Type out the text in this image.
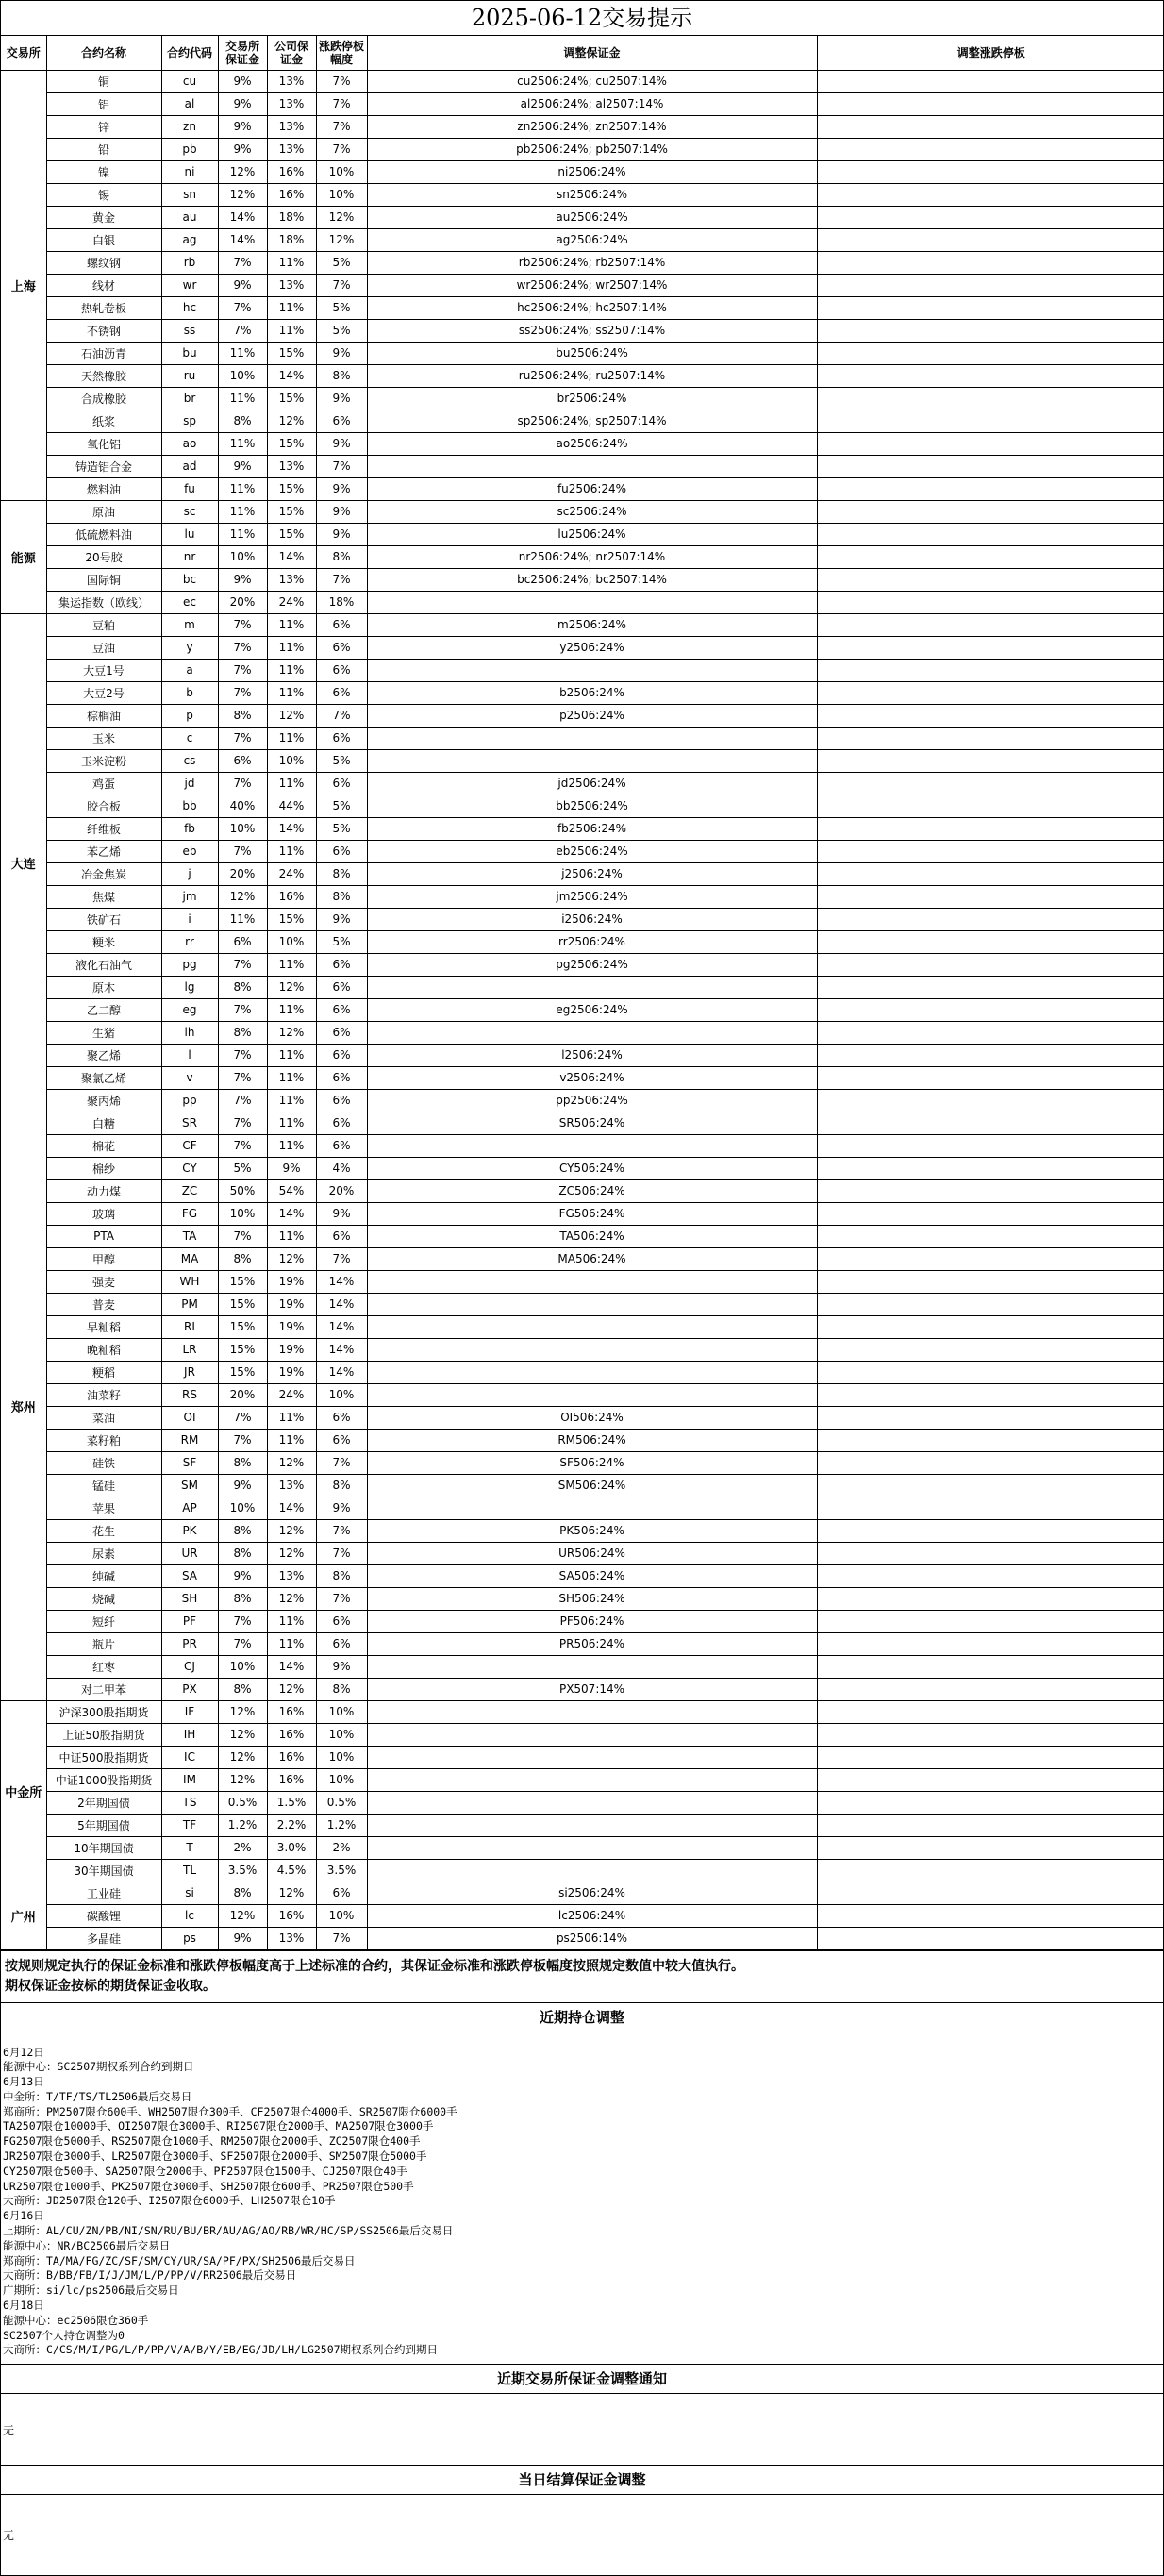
2025-06-12交易提示
交易所	合约名称	合约代码	交易所保证金	公司保证金	涨跌停板幅度	调整保证金	调整涨跌停板
上海	铜	cu	9%	13%	7%	cu2506:24%; cu2507:14%	
	铝	al	9%	13%	7%	al2506:24%; al2507:14%	
	锌	zn	9%	13%	7%	zn2506:24%; zn2507:14%	
	铅	pb	9%	13%	7%	pb2506:24%; pb2507:14%	
	镍	ni	12%	16%	10%	ni2506:24%	
	锡	sn	12%	16%	10%	sn2506:24%	
	黄金	au	14%	18%	12%	au2506:24%	
	白银	ag	14%	18%	12%	ag2506:24%	
	螺纹钢	rb	7%	11%	5%	rb2506:24%; rb2507:14%	
	线材	wr	9%	13%	7%	wr2506:24%; wr2507:14%	
	热轧卷板	hc	7%	11%	5%	hc2506:24%; hc2507:14%	
	不锈钢	ss	7%	11%	5%	ss2506:24%; ss2507:14%	
	石油沥青	bu	11%	15%	9%	bu2506:24%	
	天然橡胶	ru	10%	14%	8%	ru2506:24%; ru2507:14%	
	合成橡胶	br	11%	15%	9%	br2506:24%	
	纸浆	sp	8%	12%	6%	sp2506:24%; sp2507:14%	
	氧化铝	ao	11%	15%	9%	ao2506:24%	
	铸造铝合金	ad	9%	13%	7%		
	燃料油	fu	11%	15%	9%	fu2506:24%	
能源	原油	sc	11%	15%	9%	sc2506:24%	
	低硫燃料油	lu	11%	15%	9%	lu2506:24%	
	20号胶	nr	10%	14%	8%	nr2506:24%; nr2507:14%	
	国际铜	bc	9%	13%	7%	bc2506:24%; bc2507:14%	
	集运指数（欧线）	ec	20%	24%	18%		
大连	豆粕	m	7%	11%	6%	m2506:24%	
	豆油	y	7%	11%	6%	y2506:24%	
	大豆1号	a	7%	11%	6%		
	大豆2号	b	7%	11%	6%	b2506:24%	
	棕榈油	p	8%	12%	7%	p2506:24%	
	玉米	c	7%	11%	6%		
	玉米淀粉	cs	6%	10%	5%		
	鸡蛋	jd	7%	11%	6%	jd2506:24%	
	胶合板	bb	40%	44%	5%	bb2506:24%	
	纤维板	fb	10%	14%	5%	fb2506:24%	
	苯乙烯	eb	7%	11%	6%	eb2506:24%	
	冶金焦炭	j	20%	24%	8%	j2506:24%	
	焦煤	jm	12%	16%	8%	jm2506:24%	
	铁矿石	i	11%	15%	9%	i2506:24%	
	粳米	rr	6%	10%	5%	rr2506:24%	
	液化石油气	pg	7%	11%	6%	pg2506:24%	
	原木	lg	8%	12%	6%		
	乙二醇	eg	7%	11%	6%	eg2506:24%	
	生猪	lh	8%	12%	6%		
	聚乙烯	l	7%	11%	6%	l2506:24%	
	聚氯乙烯	v	7%	11%	6%	v2506:24%	
	聚丙烯	pp	7%	11%	6%	pp2506:24%	
郑州	白糖	SR	7%	11%	6%	SR506:24%	
	棉花	CF	7%	11%	6%		
	棉纱	CY	5%	9%	4%	CY506:24%	
	动力煤	ZC	50%	54%	20%	ZC506:24%	
	玻璃	FG	10%	14%	9%	FG506:24%	
	PTA	TA	7%	11%	6%	TA506:24%	
	甲醇	MA	8%	12%	7%	MA506:24%	
	强麦	WH	15%	19%	14%		
	普麦	PM	15%	19%	14%		
	早籼稻	RI	15%	19%	14%		
	晚籼稻	LR	15%	19%	14%		
	粳稻	JR	15%	19%	14%		
	油菜籽	RS	20%	24%	10%		
	菜油	OI	7%	11%	6%	OI506:24%	
	菜籽粕	RM	7%	11%	6%	RM506:24%	
	硅铁	SF	8%	12%	7%	SF506:24%	
	锰硅	SM	9%	13%	8%	SM506:24%	
	苹果	AP	10%	14%	9%		
	花生	PK	8%	12%	7%	PK506:24%	
	尿素	UR	8%	12%	7%	UR506:24%	
	纯碱	SA	9%	13%	8%	SA506:24%	
	烧碱	SH	8%	12%	7%	SH506:24%	
	短纤	PF	7%	11%	6%	PF506:24%	
	瓶片	PR	7%	11%	6%	PR506:24%	
	红枣	CJ	10%	14%	9%		
	对二甲苯	PX	8%	12%	8%	PX507:14%	
中金所	沪深300股指期货	IF	12%	16%	10%		
	上证50股指期货	IH	12%	16%	10%		
	中证500股指期货	IC	12%	16%	10%		
	中证1000股指期货	IM	12%	16%	10%		
	2年期国债	TS	0.5%	1.5%	0.5%		
	5年期国债	TF	1.2%	2.2%	1.2%		
	10年期国债	T	2%	3.0%	2%		
	30年期国债	TL	3.5%	4.5%	3.5%		
广州	工业硅	si	8%	12%	6%	si2506:24%	
	碳酸锂	lc	12%	16%	10%	lc2506:24%	
	多晶硅	ps	9%	13%	7%	ps2506:14%	
按规则规定执行的保证金标准和涨跌停板幅度高于上述标准的合约，其保证金标准和涨跌停板幅度按照规定数值中较大值执行。
期权保证金按标的期货保证金收取。
近期持仓调整
6月12日
能源中心：SC2507期权系列合约到期日
6月13日
中金所：T/TF/TS/TL2506最后交易日
郑商所：PM2507限仓600手、WH2507限仓300手、CF2507限仓4000手、SR2507限仓6000手
TA2507限仓10000手、OI2507限仓3000手、RI2507限仓2000手、MA2507限仓3000手
FG2507限仓5000手、RS2507限仓1000手、RM2507限仓2000手、ZC2507限仓400手
JR2507限仓3000手、LR2507限仓3000手、SF2507限仓2000手、SM2507限仓5000手
CY2507限仓500手、SA2507限仓2000手、PF2507限仓1500手、CJ2507限仓40手
UR2507限仓1000手、PK2507限仓3000手、SH2507限仓600手、PR2507限仓500手
大商所：JD2507限仓120手、I2507限仓6000手、LH2507限仓10手
6月16日
上期所：AL/CU/ZN/PB/NI/SN/RU/BU/BR/AU/AG/AO/RB/WR/HC/SP/SS2506最后交易日
能源中心：NR/BC2506最后交易日
郑商所：TA/MA/FG/ZC/SF/SM/CY/UR/SA/PF/PX/SH2506最后交易日
大商所：B/BB/FB/I/J/JM/L/P/PP/V/RR2506最后交易日
广期所：si/lc/ps2506最后交易日
6月18日
能源中心：ec2506限仓360手
SC2507个人持仓调整为0
大商所：C/CS/M/I/PG/L/P/PP/V/A/B/Y/EB/EG/JD/LH/LG2507期权系列合约到期日
近期交易所保证金调整通知
无
当日结算保证金调整
无
